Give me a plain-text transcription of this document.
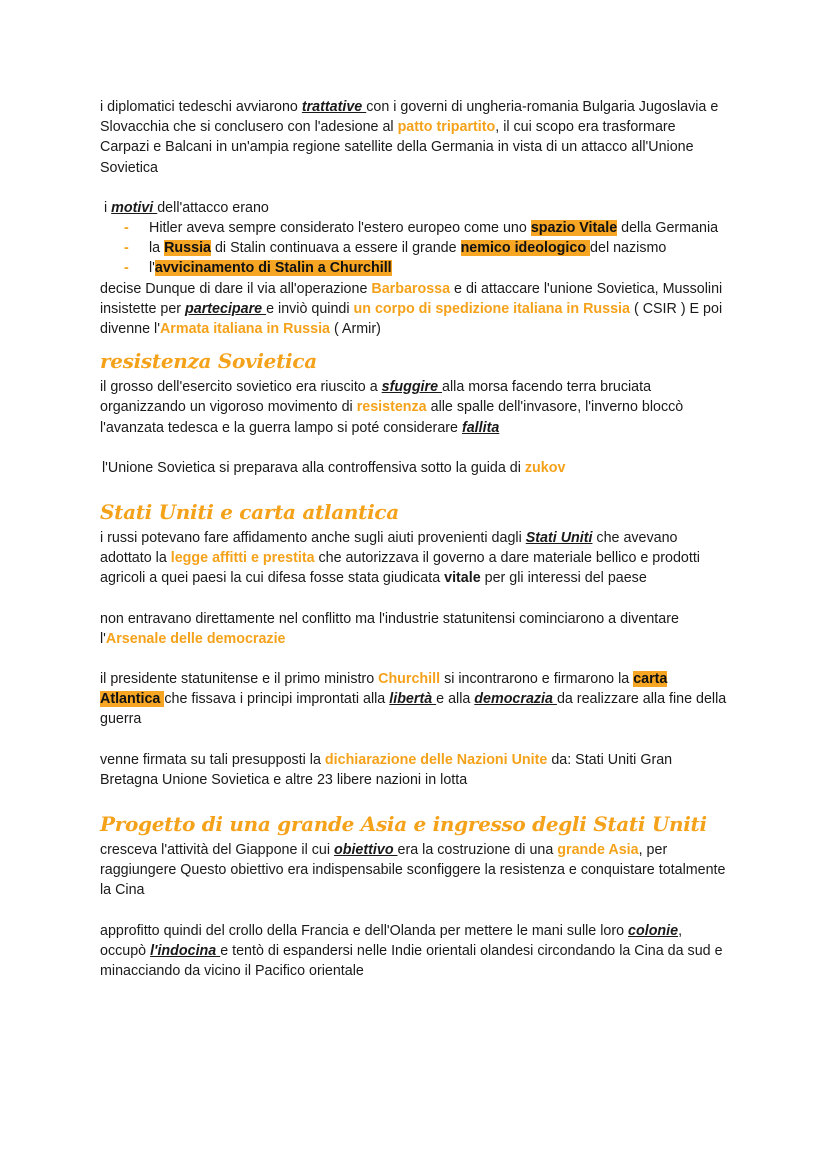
i diplomatici tedeschi avviarono trattative con i governi di ungheria-romania Bulgaria Jugoslavia e Slovacchia che si conclusero con l'adesione al patto tripartito, il cui scopo era trasformare Carpazi e Balcani in un'ampia regione satellite della Germania in vista di un attacco all'Unione Sovietica

i motivi dell'attacco erano

- Hitler aveva sempre considerato l'estero europeo come uno spazio Vitale della Germania
- la Russia di Stalin continuava a essere il grande nemico ideologico del nazismo
- l'avvicinamento di Stalin a Churchill

decise Dunque di dare il via all'operazione Barbarossa e di attaccare l'unione Sovietica, Mussolini insistette per partecipare e inviò quindi un corpo di spedizione italiana in Russia ( CSIR ) E poi divenne l'Armata italiana in Russia ( Armir)

resistenza Sovietica

il grosso dell'esercito sovietico era riuscito a sfuggire alla morsa facendo terra bruciata organizzando un vigoroso movimento di resistenza alle spalle dell'invasore, l'inverno bloccò l'avanzata tedesca e la guerra lampo si poté considerare fallita

l'Unione Sovietica si preparava alla controffensiva sotto la guida di zukov

Stati Uniti e carta atlantica

i russi potevano fare affidamento anche sugli aiuti provenienti dagli Stati Uniti che avevano adottato la legge affitti e prestita che autorizzava il governo a dare materiale bellico e prodotti agricoli a quei paesi la cui difesa fosse stata giudicata vitale per gli interessi del paese

non entravano direttamente nel conflitto ma l'industrie statunitensi cominciarono a diventare l'Arsenale delle democrazie

il presidente statunitense e il primo ministro Churchill si incontrarono e firmarono la carta Atlantica che fissava i principi improntati alla libertà e alla democrazia da realizzare alla fine della guerra

venne firmata su tali presupposti la dichiarazione delle Nazioni Unite da: Stati Uniti Gran Bretagna Unione Sovietica e altre 23 libere nazioni in lotta

Progetto di una grande Asia e ingresso degli Stati Uniti

cresceva l'attività del Giappone il cui obiettivo era la costruzione di una grande Asia, per raggiungere Questo obiettivo era indispensabile sconfiggere la resistenza e conquistare totalmente la Cina

approfitto quindi del crollo della Francia e dell'Olanda per mettere le mani sulle loro colonie, occupò l'indocina e tentò di espandersi nelle Indie orientali olandesi circondando la Cina da sud e minacciando da vicino il Pacifico orientale
